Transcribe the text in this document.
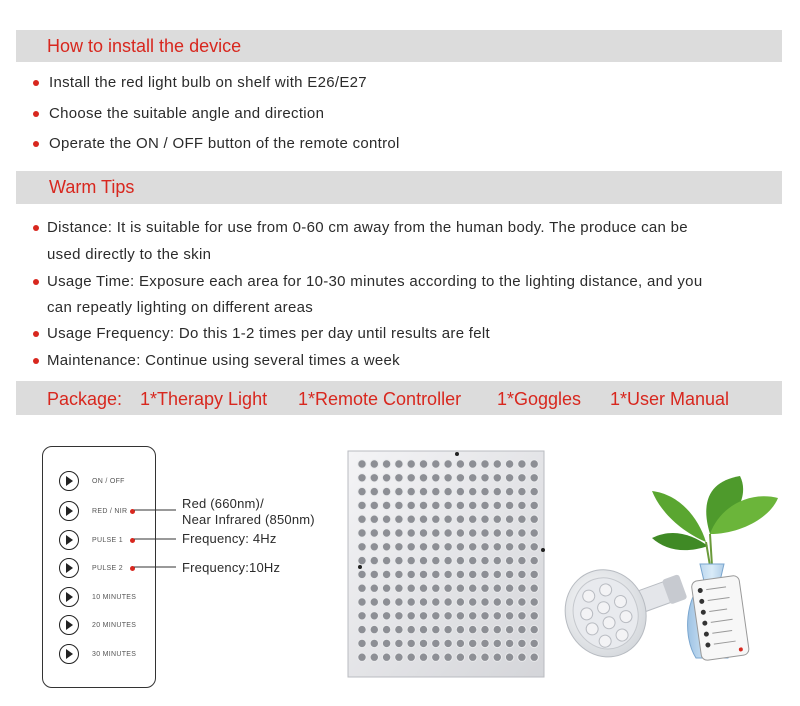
How to install the device
Install the red light bulb on shelf with E26/E27
Choose the suitable angle and direction
Operate the ON / OFF button of the remote control
Warm Tips
Distance: It is suitable for use from 0-60 cm away from the human body. The produce can be
used directly to the skin
Usage Time: Exposure each area for 10-30 minutes according to the lighting distance, and you
can repeatly lighting on different areas
Usage Frequency: Do this 1-2 times per day until results are felt
Maintenance: Continue using several times a week
Package: 1*Therapy Light 1*Remote Controller 1*Goggles 1*User Manual
ON / OFF
RED / NIR
PULSE 1
PULSE 2
10 MINUTES
20 MINUTES
30 MINUTES
Red (660nm)/
Near Infrared (850nm)
Frequency: 4Hz
Frequency:10Hz
